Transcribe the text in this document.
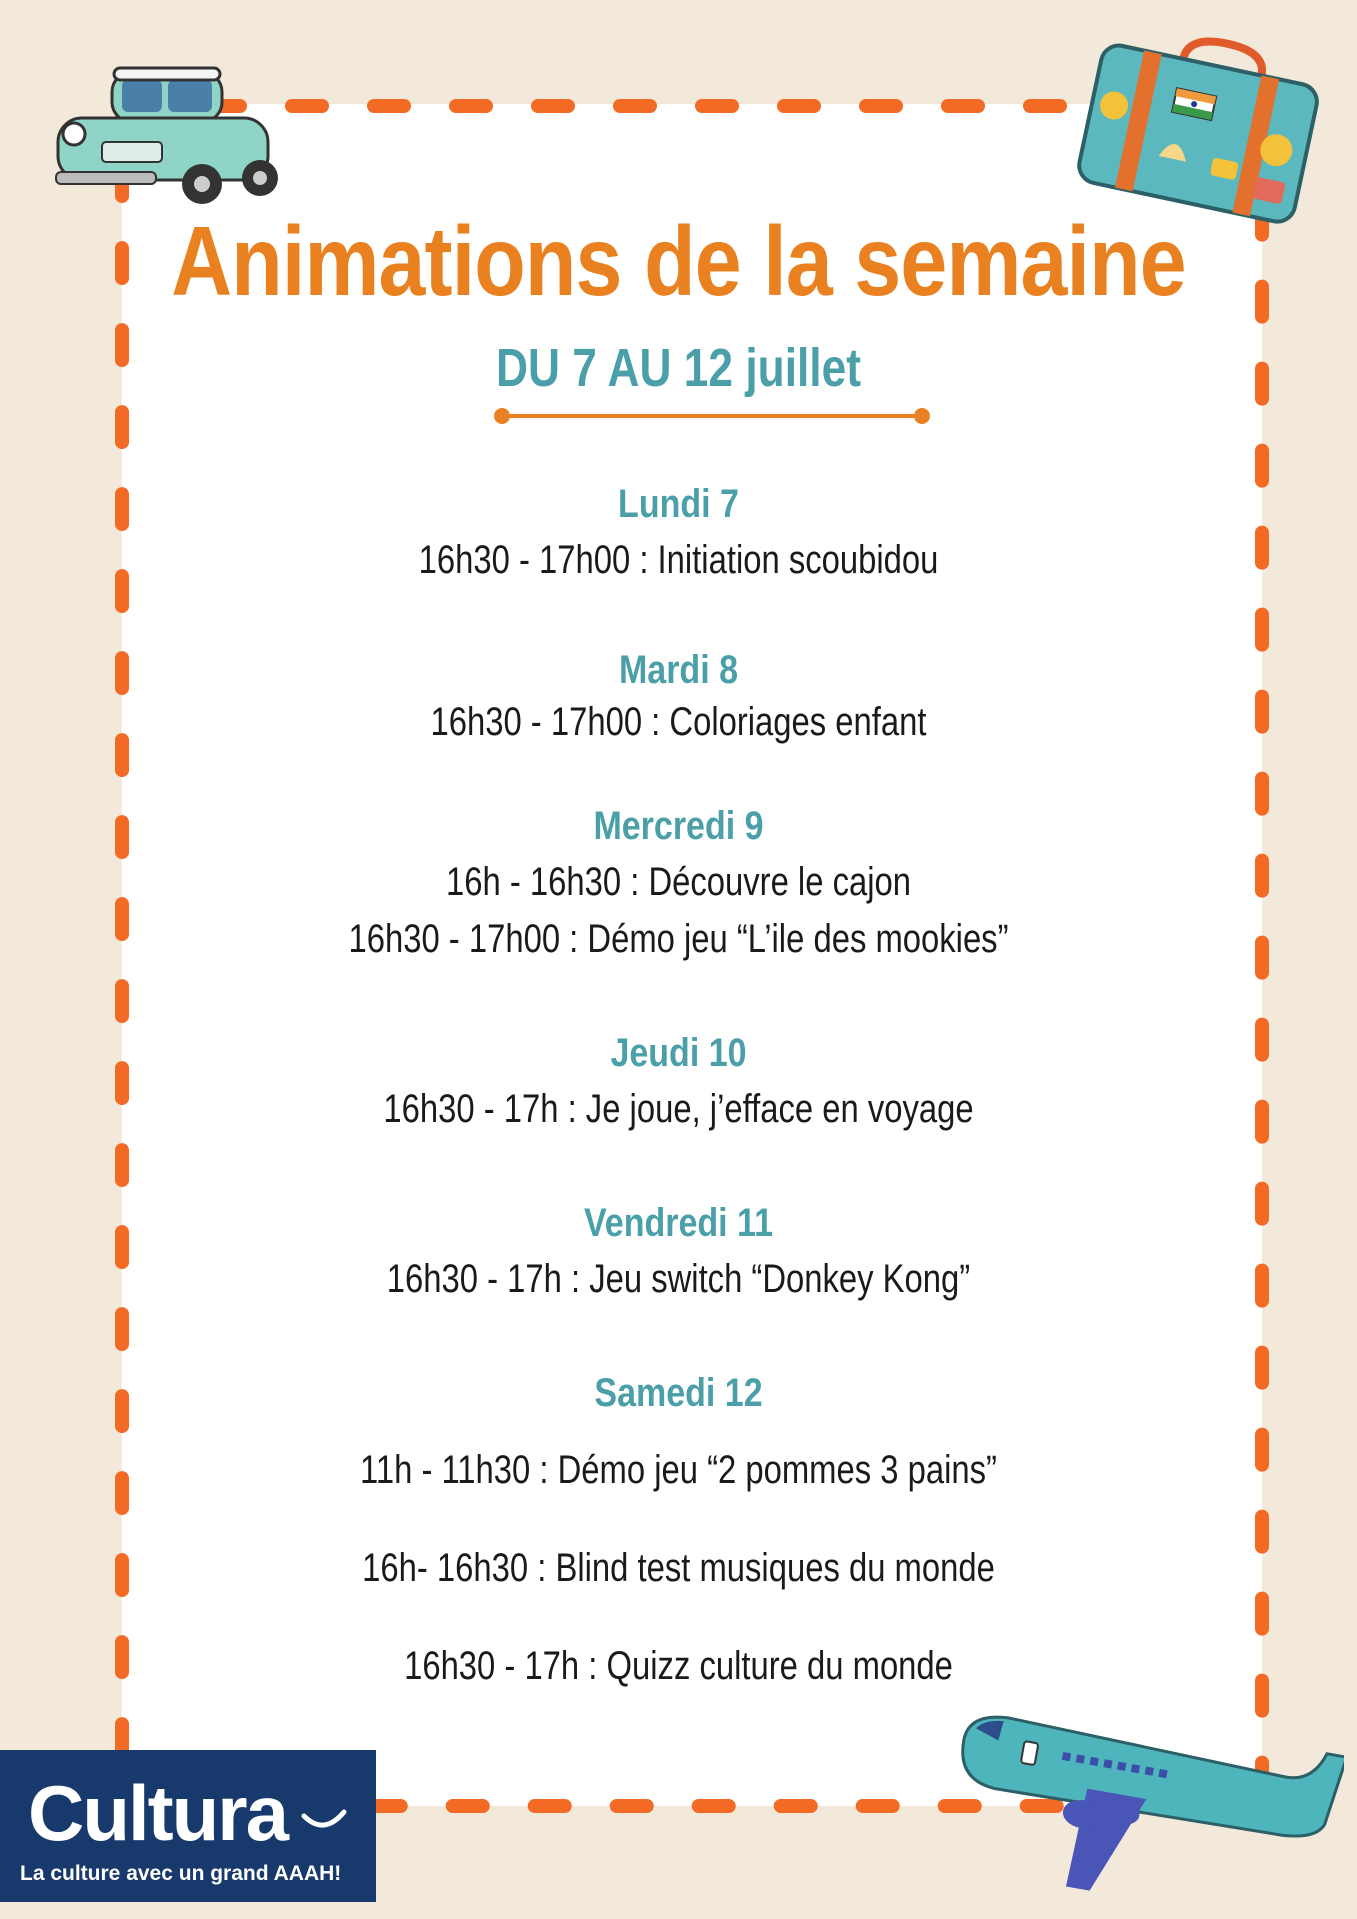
Animations de la semaine
DU 7 AU 12 juillet
Lundi 7
16h30 - 17h00 : Initiation scoubidou
Mardi 8
16h30 - 17h00 : Coloriages enfant
Mercredi 9
16h - 16h30 : Découvre le cajon
16h30 - 17h00 : Démo jeu “L’ile des mookies”
Jeudi 10
16h30 - 17h : Je joue, j’efface en voyage
Vendredi 11
16h30 - 17h : Jeu switch “Donkey Kong”
Samedi 12
11h - 11h30 : Démo jeu “2 pommes 3 pains”
16h- 16h30 : Blind test musiques du monde
16h30 - 17h : Quizz culture du monde
Cultura
La culture avec un grand AAAH!
